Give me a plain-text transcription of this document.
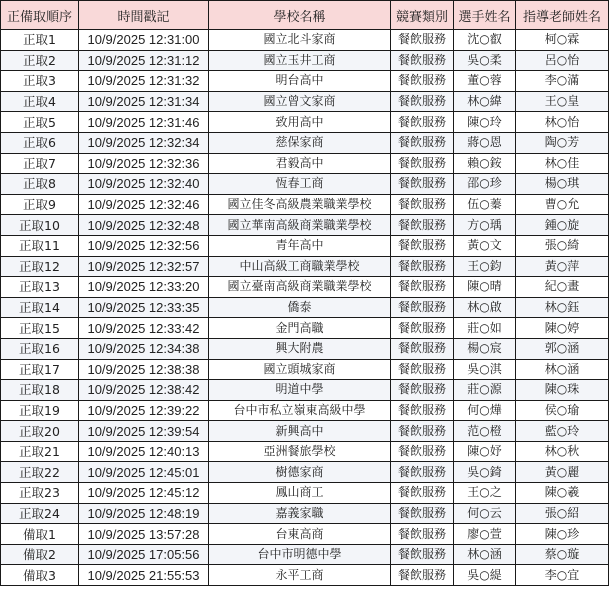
正備取順序	時間戳記	學校名稱	競賽類別	選手姓名	指導老師姓名
正取1	10/9/2025 12:31:00	國立北斗家商	餐飲服務	沈○叡	柯○霖
正取2	10/9/2025 12:31:12	國立玉井工商	餐飲服務	吳○柔	呂○怡
正取3	10/9/2025 12:31:32	明台高中	餐飲服務	董○蓉	李○滿
正取4	10/9/2025 12:31:34	國立曾文家商	餐飲服務	林○緯	王○皇
正取5	10/9/2025 12:31:46	致用高中	餐飲服務	陳○玲	林○怡
正取6	10/9/2025 12:32:34	慈保家商	餐飲服務	蔣○恩	陶○芳
正取7	10/9/2025 12:32:36	君毅高中	餐飲服務	賴○銨	林○佳
正取8	10/9/2025 12:32:40	恆春工商	餐飲服務	邵○珍	楊○琪
正取9	10/9/2025 12:32:46	國立佳冬高級農業職業學校	餐飲服務	伍○蓁	曹○允
正取10	10/9/2025 12:32:48	國立華南高級商業職業學校	餐飲服務	方○瑀	鍾○旋
正取11	10/9/2025 12:32:56	青年高中	餐飲服務	黃○文	張○綺
正取12	10/9/2025 12:32:57	中山高級工商職業學校	餐飲服務	王○鈞	黃○萍
正取13	10/9/2025 12:33:20	國立臺南高級商業職業學校	餐飲服務	陳○晴	紀○畫
正取14	10/9/2025 12:33:35	僑泰	餐飲服務	林○啟	林○鈺
正取15	10/9/2025 12:33:42	金門高職	餐飲服務	莊○如	陳○婷
正取16	10/9/2025 12:34:38	興大附農	餐飲服務	楊○宸	郭○涵
正取17	10/9/2025 12:38:38	國立頭城家商	餐飲服務	吳○淇	林○涵
正取18	10/9/2025 12:38:42	明道中學	餐飲服務	莊○源	陳○珠
正取19	10/9/2025 12:39:22	台中市私立嶺東高級中學	餐飲服務	何○燁	侯○瑜
正取20	10/9/2025 12:39:54	新興高中	餐飲服務	范○橙	藍○玲
正取21	10/9/2025 12:40:13	亞洲餐旅學校	餐飲服務	陳○妤	林○秋
正取22	10/9/2025 12:45:01	樹德家商	餐飲服務	吳○錡	黃○麗
正取23	10/9/2025 12:45:12	鳳山商工	餐飲服務	王○之	陳○羲
正取24	10/9/2025 12:48:19	嘉義家職	餐飲服務	何○云	張○紹
備取1	10/9/2025 13:57:28	台東高商	餐飲服務	廖○萱	陳○珍
備取2	10/9/2025 17:05:56	台中市明德中學	餐飲服務	林○涵	蔡○璇
備取3	10/9/2025 21:55:53	永平工商	餐飲服務	吳○緹	李○宜
